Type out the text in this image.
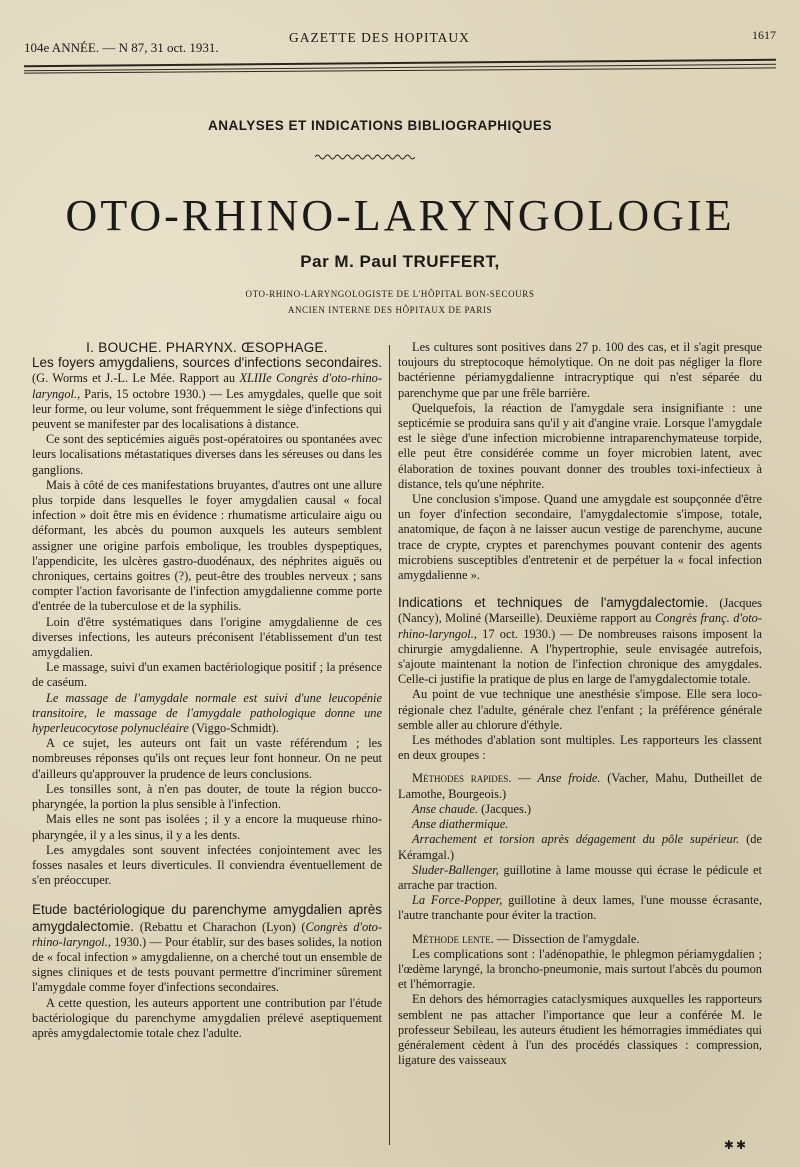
104e ANNÉE. — N 87, 31 oct. 1931.
GAZETTE DES HOPITAUX	1617
ANALYSES ET INDICATIONS BIBLIOGRAPHIQUES
OTO-RHINO-LARYNGOLOGIE
Par M. Paul TRUFFERT,
OTO-RHINO-LARYNGOLOGISTE DE L'HÔPITAL BON-SECOURS
ANCIEN INTERNE DES HÔPITAUX DE PARIS

I. BOUCHE. PHARYNX. ŒSOPHAGE.

Les foyers amygdaliens, sources d'infections secondaires. (G. Worms et J.-L. Le Mée. Rapport au XLIIIe Congrès d'oto-rhino-laryngol., Paris, 15 octobre 1930.) — Les amygdales, quelle que soit leur forme, ou leur volume, sont fréquemment le siège d'infections qui peuvent se manifester par des localisations à distance.

Ce sont des septicémies aiguës post-opératoires ou spontanées avec leurs localisations métastatiques diverses dans les séreuses ou dans les ganglions.

Mais à côté de ces manifestations bruyantes, d'autres ont une allure plus torpide dans lesquelles le foyer amygdalien causal « focal infection » doit être mis en évidence : rhumatisme articulaire aigu ou déformant, les abcès du poumon auxquels les auteurs semblent assigner une origine parfois embolique, les troubles dyspeptiques, l'appendicite, les ulcères gastro-duodénaux, des néphrites aiguës ou chroniques, certains goitres (?), peut-être des troubles nerveux ; sans compter l'action favorisante de l'infection amygdalienne comme porte d'entrée de la tuberculose et de la syphilis.

Loin d'être systématiques dans l'origine amygdalienne de ces diverses infections, les auteurs préconisent l'établissement d'un test amygdalien.

Le massage, suivi d'un examen bactériologique positif ; la présence de caséum.

Le massage de l'amygdale normale est suivi d'une leucopénie transitoire, le massage de l'amygdale pathologique donne une hyperleucocytose polynucléaire (Viggo-Schmidt).

A ce sujet, les auteurs ont fait un vaste référendum ; les nombreuses réponses qu'ils ont reçues leur font honneur. On ne peut d'ailleurs qu'approuver la prudence de leurs conclusions.

Les tonsilles sont, à n'en pas douter, de toute la région bucco-pharyngée, la portion la plus sensible à l'infection.

Mais elles ne sont pas isolées ; il y a encore la muqueuse rhino-pharyngée, il y a les sinus, il y a les dents.

Les amygdales sont souvent infectées conjointement avec les fosses nasales et leurs diverticules. Il conviendra éventuellement de s'en préoccuper.

Etude bactériologique du parenchyme amygdalien après amygdalectomie. (Rebattu et Charachon (Lyon) (Congrès d'oto-rhino-laryngol., 1930.) — Pour établir, sur des bases solides, la notion de « focal infection » amygdalienne, on a cherché tout un ensemble de signes cliniques et de tests pouvant permettre d'incriminer sûrement l'amygdale comme foyer d'infections secondaires.

A cette question, les auteurs apportent une contribution par l'étude bactériologique du parenchyme amygdalien prélevé aseptiquement après amygdalectomie totale chez l'adulte.

Les cultures sont positives dans 27 p. 100 des cas, et il s'agit presque toujours du streptocoque hémolytique. On ne doit pas négliger la flore bactérienne périamygdalienne intracryptique qui n'est séparée du parenchyme que par une frêle barrière.

Quelquefois, la réaction de l'amygdale sera insignifiante : une septicémie se produira sans qu'il y ait d'angine vraie. Lorsque l'amygdale est le siège d'une infection microbienne intraparenchymateuse torpide, elle peut être considérée comme un foyer microbien latent, avec élaboration de toxines pouvant donner des troubles toxi-infectieux à distance, tels qu'une néphrite.

Une conclusion s'impose. Quand une amygdale est soupçonnée d'être un foyer d'infection secondaire, l'amygdalectomie s'impose, totale, anatomique, de façon à ne laisser aucun vestige de parenchyme, aucune trace de crypte, cryptes et parenchymes pouvant contenir des agents microbiens susceptibles d'entretenir et de perpétuer la « focal infection amygdalienne ».

Indications et techniques de l'amygdalectomie. (Jacques (Nancy), Moliné (Marseille). Deuxième rapport au Congrès franç. d'oto-rhino-laryngol., 17 oct. 1930.) — De nombreuses raisons imposent la chirurgie amygdalienne. A l'hypertrophie, seule envisagée autrefois, s'ajoute maintenant la notion de l'infection chronique des amygdales. Celle-ci justifie la pratique de plus en large de l'amygdalectomie totale.

Au point de vue technique une anesthésie s'impose. Elle sera loco-régionale chez l'adulte, générale chez l'enfant ; la préférence générale semble aller au chlorure d'éthyle.

Les méthodes d'ablation sont multiples. Les rapporteurs les classent en deux groupes :

Méthodes rapides. — Anse froide. (Vacher, Mahu, Dutheillet de Lamothe, Bourgeois.)

Anse chaude. (Jacques.)

Anse diathermique.

Arrachement et torsion après dégagement du pôle supérieur. (de Kéramgal.)

Sluder-Ballenger, guillotine à lame mousse qui écrase le pédicule et arrache par traction.

La Force-Popper, guillotine à deux lames, l'une mousse écrasante, l'autre tranchante pour éviter la traction.

Méthode lente. — Dissection de l'amygdale.

Les complications sont : l'adénopathie, le phlegmon périamygdalien ; l'œdème laryngé, la broncho-pneumonie, mais surtout l'abcès du poumon et l'hémorragie.

En dehors des hémorragies cataclysmiques auxquelles les rapporteurs semblent ne pas attacher l'importance que leur a conférée M. le professeur Sebileau, les auteurs étudient les hémorragies immédiates qui généralement cèdent à l'un des procédés classiques : compression, ligature des vaisseaux

✱✱
